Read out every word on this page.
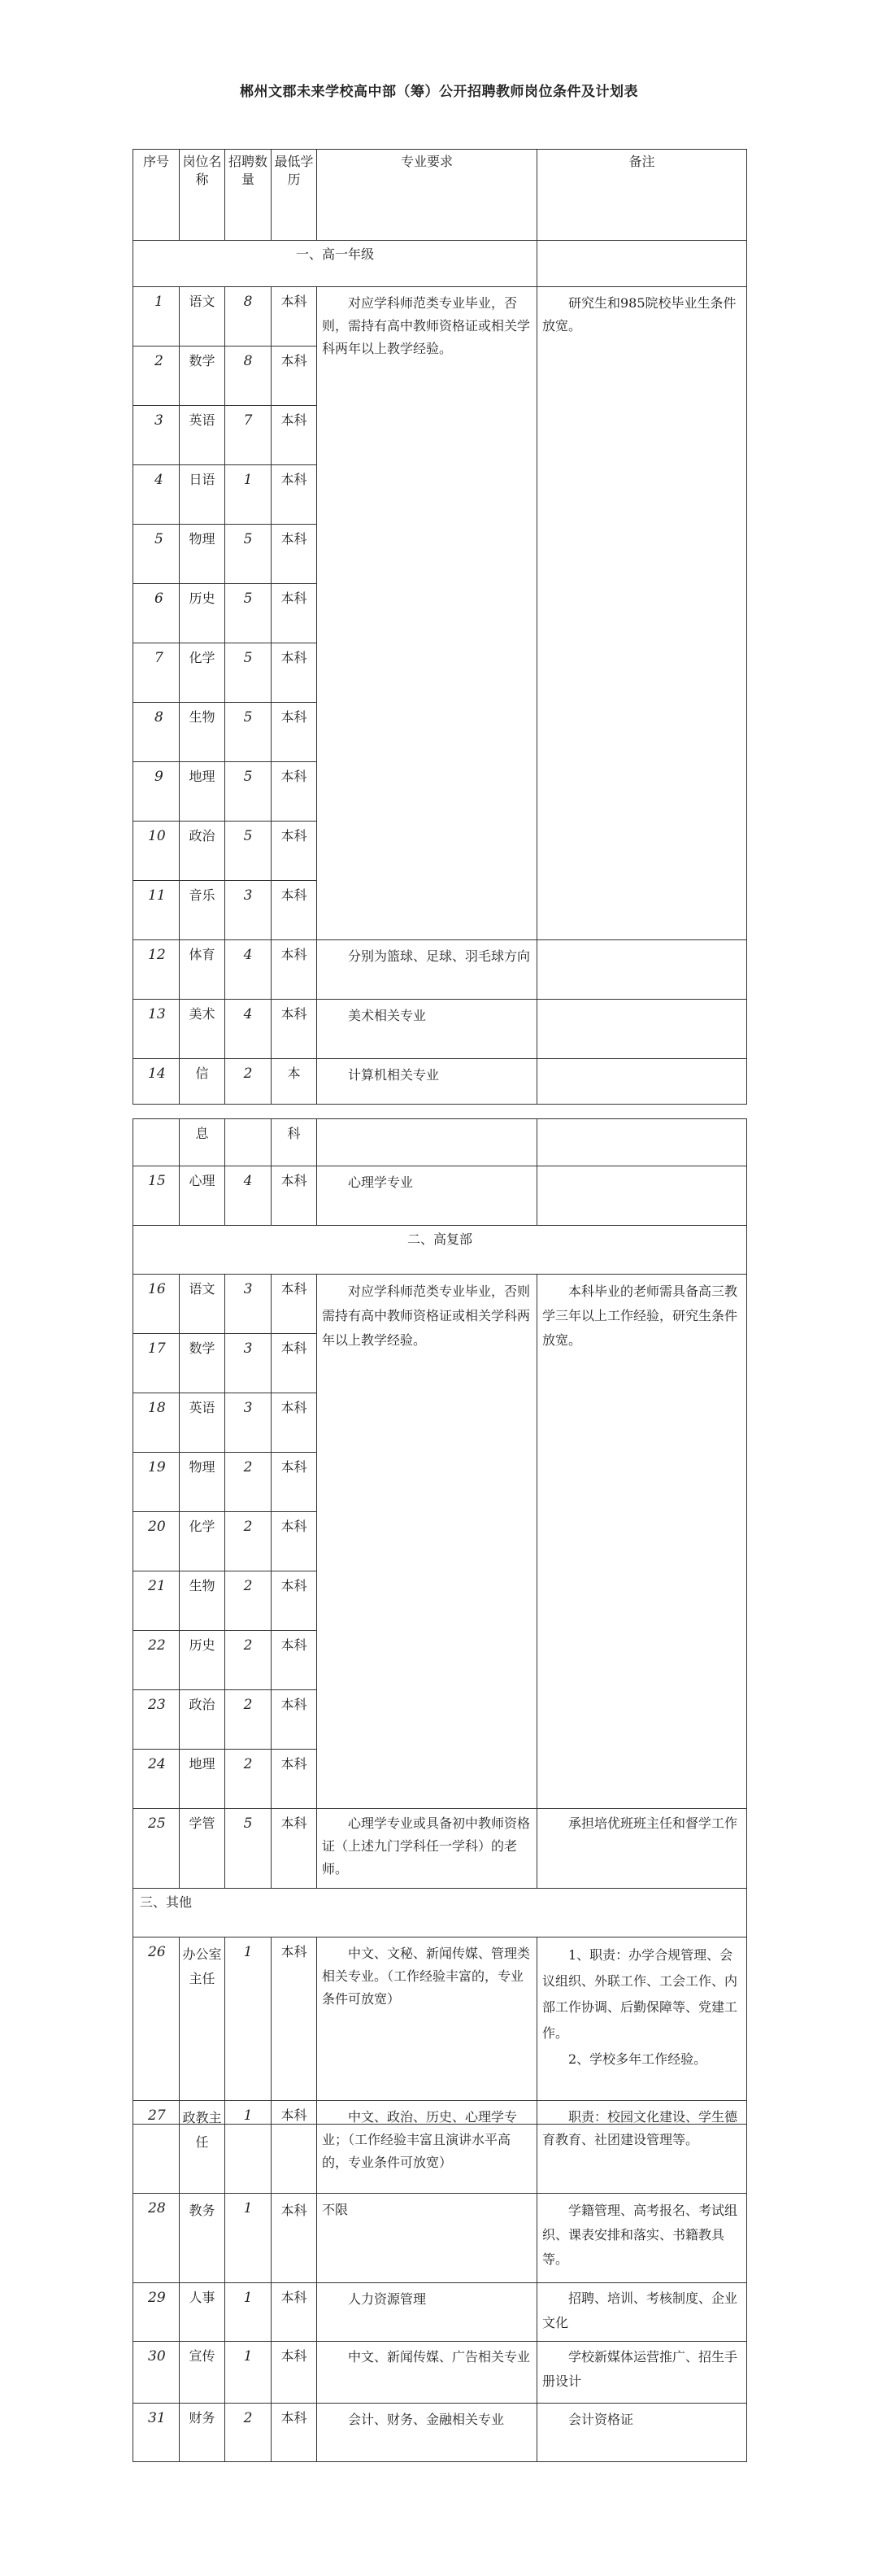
郴州文郡未来学校高中部（筹）公开招聘教师岗位条件及计划表
序号	岗位名称	招聘数量	最低学历	专业要求	备注
一、高一年级					
1	语文	8	本科	对应学科师范类专业毕业，否则，需持有高中教师资格证或相关学科两年以上教学经验。	研究生和985院校毕业生条件放宽。
2	数学	8	本科		
3	英语	7	本科		
4	日语	1	本科		
5	物理	5	本科		
6	历史	5	本科		
7	化学	5	本科		
8	生物	5	本科		
9	地理	5	本科		
10	政治	5	本科		
11	音乐	3	本科		
12	体育	4	本科	分别为篮球、足球、羽毛球方向	
13	美术	4	本科	美术相关专业	
14	信	2	本	计算机相关专业	
	息		科		
15	心理	4	本科	心理学专业	
二、高复部					
16	语文	3	本科	对应学科师范类专业毕业，否则需持有高中教师资格证或相关学科两年以上教学经验。	本科毕业的老师需具备高三教学三年以上工作经验，研究生条件放宽。
17	数学	3	本科		
18	英语	3	本科		
19	物理	2	本科		
20	化学	2	本科		
21	生物	2	本科		
22	历史	2	本科		
23	政治	2	本科		
24	地理	2	本科		
25	学管	5	本科	心理学专业或具备初中教师资格证（上述九门学科任一学科）的老师。	承担培优班班主任和督学工作
三、其他					
26	办公室主任	1	本科	中文、文秘、新闻传媒、管理类相关专业。（工作经验丰富的，专业条件可放宽）	1、职责：办学合规管理、会议组织、外联工作、工会工作、内部工作协调、后勤保障等、党建工作。
2、学校多年工作经验。
27	政教主任	1	本科	中文、政治、历史、心理学专业；（工作经验丰富且演讲水平高的，专业条件可放宽）	职责：校园文化建设、学生德育教育、社团建设管理等。
28	教务	1	本科	不限	学籍管理、高考报名、考试组织、课表安排和落实、书籍教具等。
29	人事	1	本科	人力资源管理	招聘、培训、考核制度、企业文化
30	宣传	1	本科	中文、新闻传媒、广告相关专业	学校新媒体运营推广、招生手册设计
31	财务	2	本科	会计、财务、金融相关专业	会计资格证
